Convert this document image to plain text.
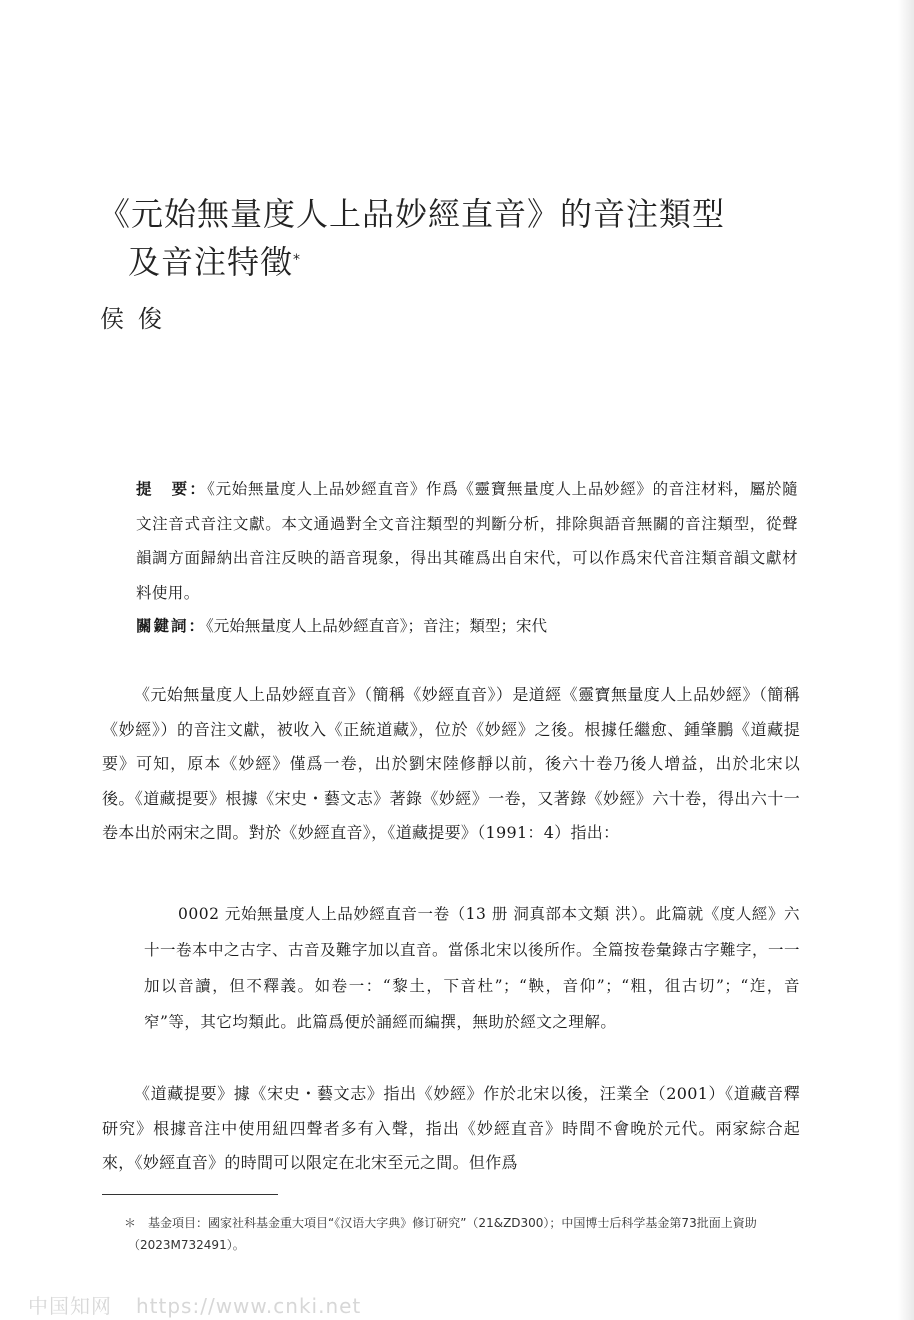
《元始無量度人上品妙經直音》的音注類型
及音注特徵*
侯俊

提　要：《元始無量度人上品妙經直音》作爲《靈寶無量度人上品妙經》的音注材料，屬於隨文注音式音注文獻。本文通過對全文音注類型的判斷分析，排除與語音無關的音注類型，從聲韻調方面歸納出音注反映的語音現象，得出其確爲出自宋代，可以作爲宋代音注類音韻文獻材料使用。

關鍵詞：《元始無量度人上品妙經直音》；音注；類型；宋代

《元始無量度人上品妙經直音》（簡稱《妙經直音》）是道經《靈寶無量度人上品妙經》（簡稱《妙經》）的音注文獻，被收入《正統道藏》，位於《妙經》之後。根據任繼愈、鍾肇鵬《道藏提要》可知，原本《妙經》僅爲一卷，出於劉宋陸修靜以前，後六十卷乃後人增益，出於北宋以後。《道藏提要》根據《宋史・藝文志》著錄《妙經》一卷，又著錄《妙經》六十卷，得出六十一卷本出於兩宋之間。對於《妙經直音》，《道藏提要》（1991：4）指出：

0002 元始無量度人上品妙經直音一卷（13 册 洞真部本文類 洪）。此篇就《度人經》六十一卷本中之古字、古音及難字加以直音。當係北宋以後所作。全篇按卷彙錄古字難字，一一加以音讀，但不釋義。如卷一：“黎土，下音杜”；“鞅，音仰”；“粗，徂古切”；“迮，音窄”等，其它均類此。此篇爲便於誦經而編撰，無助於經文之理解。

《道藏提要》據《宋史・藝文志》指出《妙經》作於北宋以後，汪業全（2001）《道藏音釋研究》根據音注中使用紐四聲者多有入聲，指出《妙經直音》時間不會晚於元代。兩家綜合起來，《妙經直音》的時間可以限定在北宋至元之間。但作爲

＊　基金項目：國家社科基金重大項目“《汉语大字典》修订研究”（21&ZD300）；中国博士后科学基金第73批面上資助（2023M732491）。

中国知网 https://www.cnki.net
